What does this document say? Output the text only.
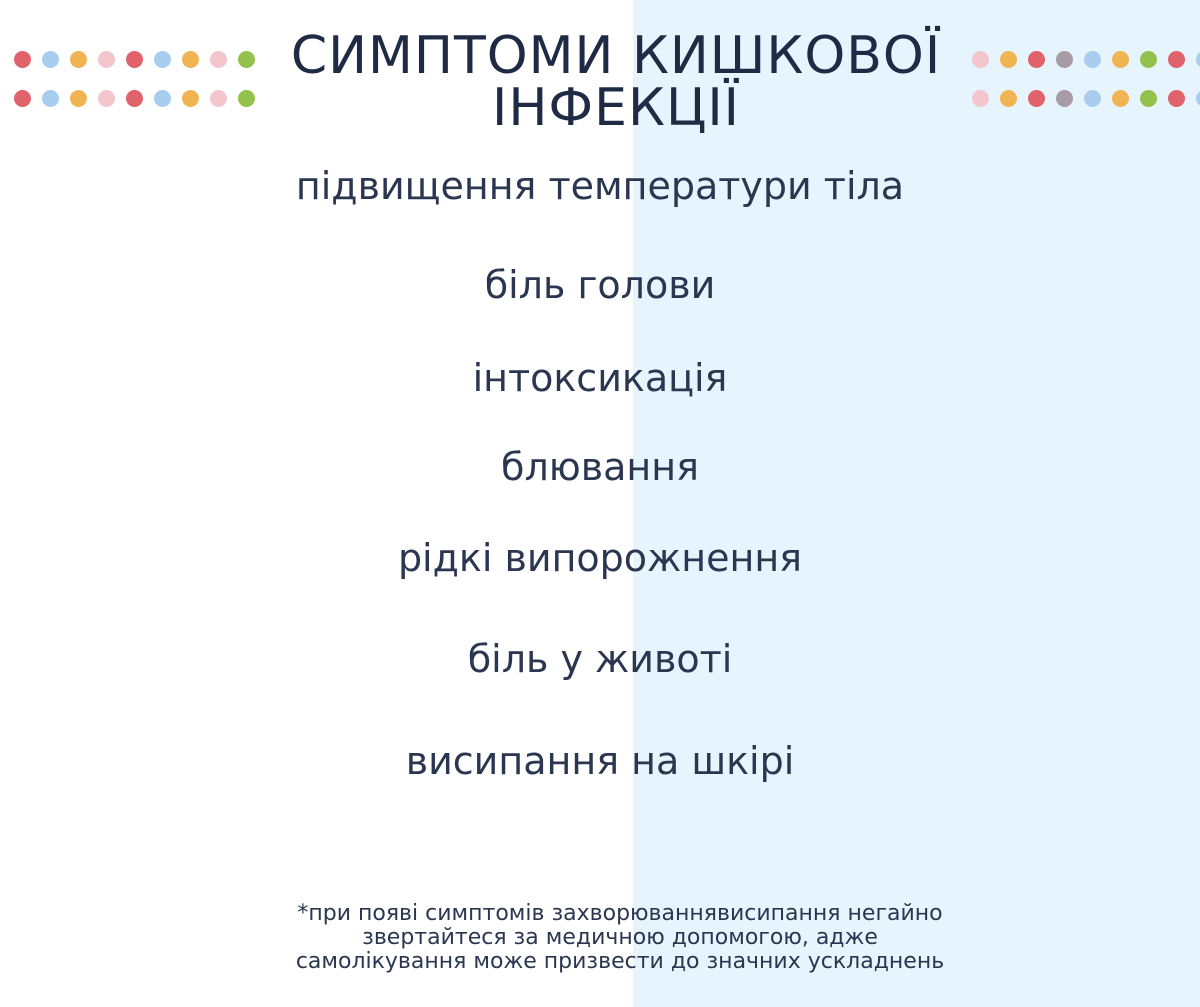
СИМПТОМИ КИШКОВОЇ
ІНФЕКЦІЇ
підвищення температури тіла
біль голови
інтоксикація
блювання
рідкі випорожнення
біль у животі
висипання на шкірі
*при появі симптомів захворюваннявисипання негайно
звертайтеся за медичною допомогою, адже
самолікування може призвести до значних ускладнень
